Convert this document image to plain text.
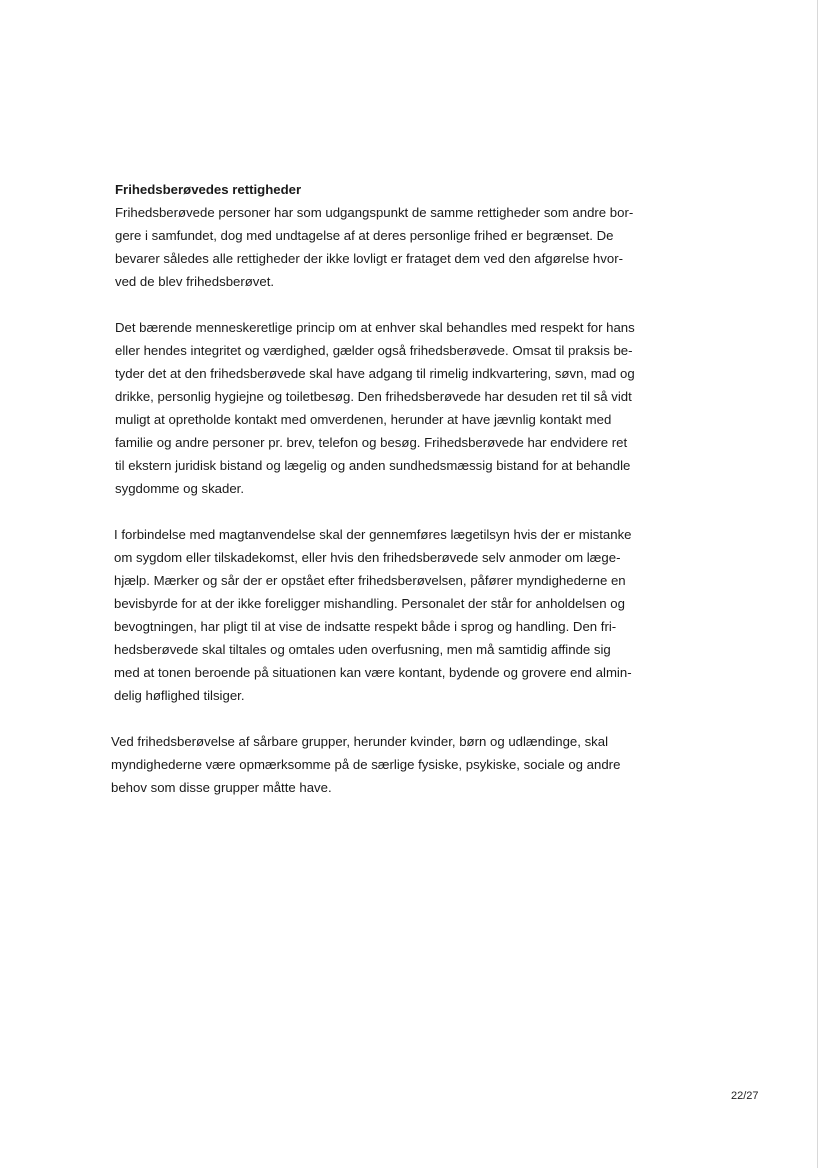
Frihedsberøvedes rettigheder

Frihedsberøvede personer har som udgangspunkt de samme rettigheder som andre bor-
gere i samfundet, dog med undtagelse af at deres personlige frihed er begrænset. De
bevarer således alle rettigheder der ikke lovligt er frataget dem ved den afgørelse hvor-
ved de blev frihedsberøvet.

Det bærende menneskeretlige princip om at enhver skal behandles med respekt for hans
eller hendes integritet og værdighed, gælder også frihedsberøvede. Omsat til praksis be-
tyder det at den frihedsberøvede skal have adgang til rimelig indkvartering, søvn, mad og
drikke, personlig hygiejne og toiletbesøg. Den frihedsberøvede har desuden ret til så vidt
muligt at opretholde kontakt med omverdenen, herunder at have jævnlig kontakt med
familie og andre personer pr. brev, telefon og besøg. Frihedsberøvede har endvidere ret
til ekstern juridisk bistand og lægelig og anden sundhedsmæssig bistand for at behandle
sygdomme og skader.

I forbindelse med magtanvendelse skal der gennemføres lægetilsyn hvis der er mistanke
om sygdom eller tilskadekomst, eller hvis den frihedsberøvede selv anmoder om læge-
hjælp. Mærker og sår der er opstået efter frihedsberøvelsen, påfører myndighederne en
bevisbyrde for at der ikke foreligger mishandling. Personalet der står for anholdelsen og
bevogtningen, har pligt til at vise de indsatte respekt både i sprog og handling. Den fri-
hedsberøvede skal tiltales og omtales uden overfusning, men må samtidig affinde sig
med at tonen beroende på situationen kan være kontant, bydende og grovere end almin-
delig høflighed tilsiger.

Ved frihedsberøvelse af sårbare grupper, herunder kvinder, børn og udlændinge, skal
myndighederne være opmærksomme på de særlige fysiske, psykiske, sociale og andre
behov som disse grupper måtte have.

22/27
